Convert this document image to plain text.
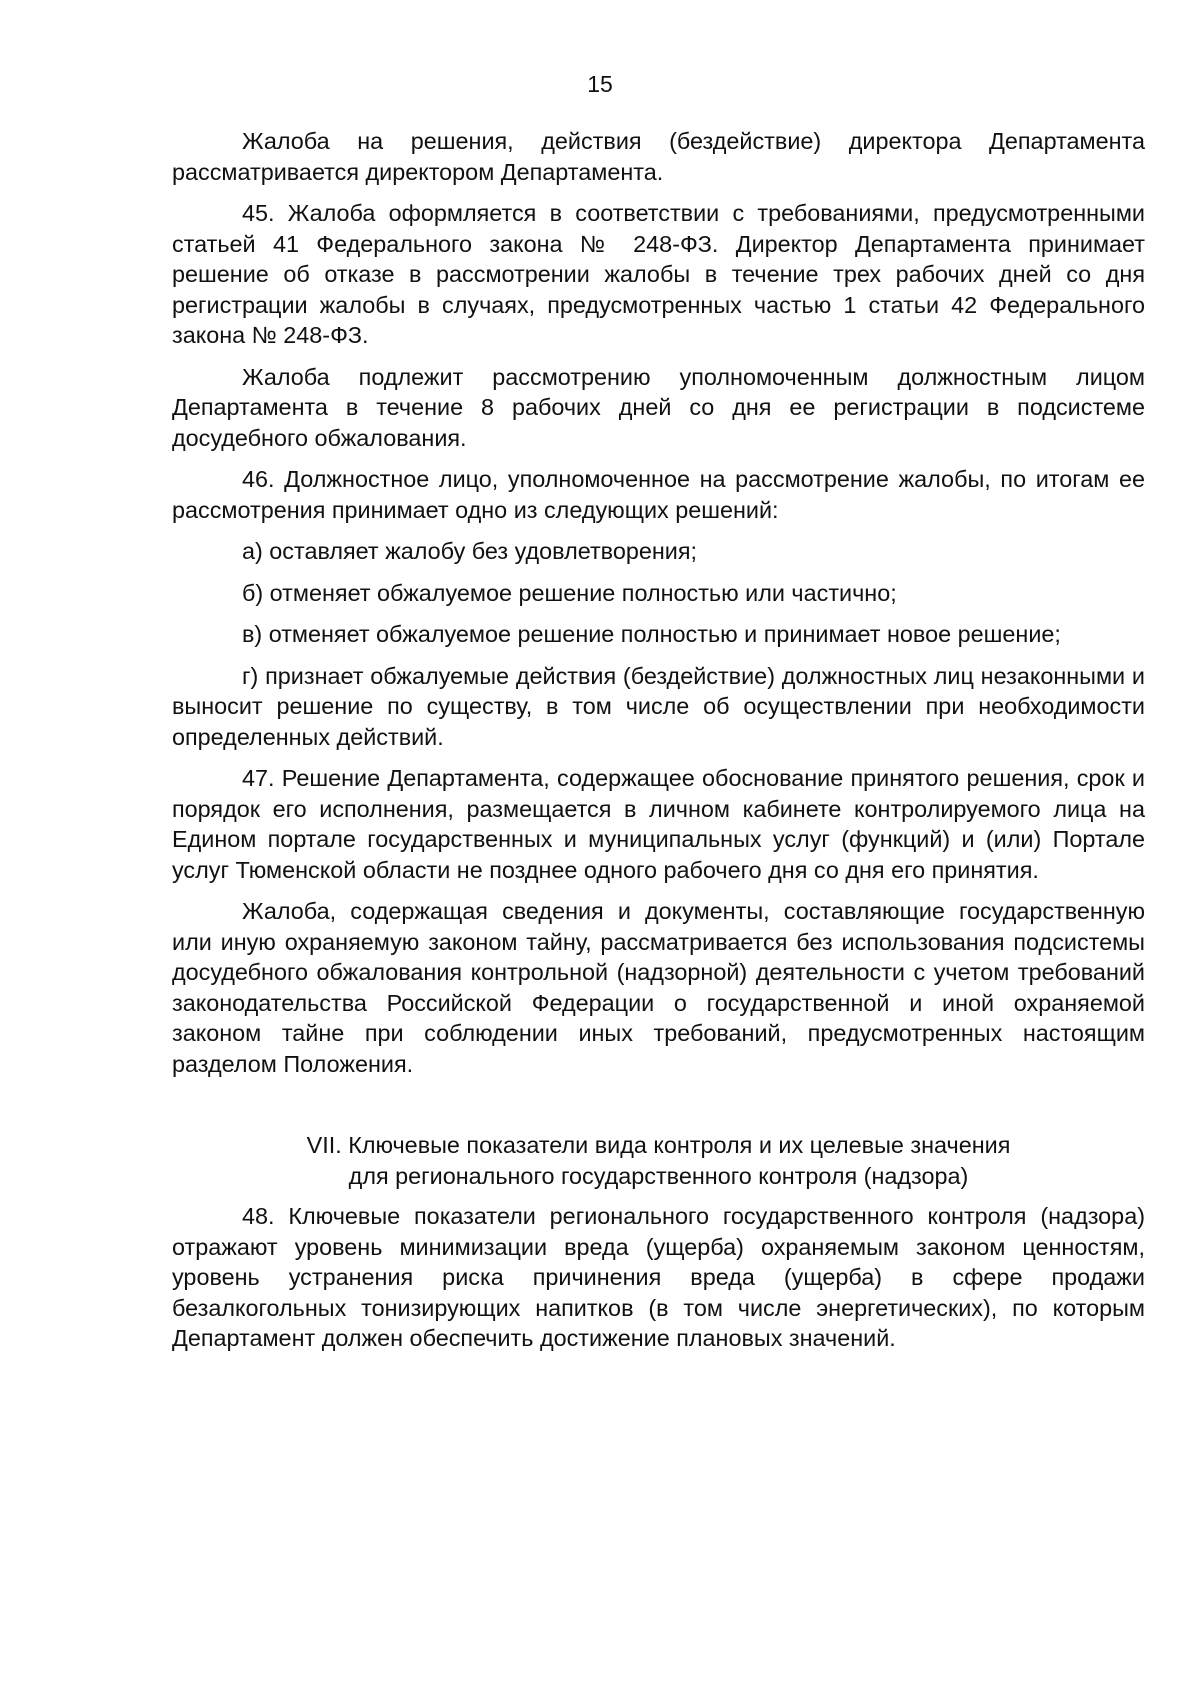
15

Жалоба на решения, действия (бездействие) директора Департамента рассматривается директором Департамента.

45. Жалоба оформляется в соответствии с требованиями, предусмотренными статьей 41 Федерального закона № 248-ФЗ. Директор Департамента принимает решение об отказе в рассмотрении жалобы в течение трех рабочих дней со дня регистрации жалобы в случаях, предусмотренных частью 1 статьи 42 Федерального закона № 248-ФЗ.

Жалоба подлежит рассмотрению уполномоченным должностным лицом Департамента в течение 8 рабочих дней со дня ее регистрации в подсистеме досудебного обжалования.

46. Должностное лицо, уполномоченное на рассмотрение жалобы, по итогам ее рассмотрения принимает одно из следующих решений:

а) оставляет жалобу без удовлетворения;

б) отменяет обжалуемое решение полностью или частично;

в) отменяет обжалуемое решение полностью и принимает новое решение;

г) признает обжалуемые действия (бездействие) должностных лиц незаконными и выносит решение по существу, в том числе об осуществлении при необходимости определенных действий.

47. Решение Департамента, содержащее обоснование принятого решения, срок и порядок его исполнения, размещается в личном кабинете контролируемого лица на Едином портале государственных и муниципальных услуг (функций) и (или) Портале услуг Тюменской области не позднее одного рабочего дня со дня его принятия.

Жалоба, содержащая сведения и документы, составляющие государственную или иную охраняемую законом тайну, рассматривается без использования подсистемы досудебного обжалования контрольной (надзорной) деятельности с учетом требований законодательства Российской Федерации о государственной и иной охраняемой законом тайне при соблюдении иных требований, предусмотренных настоящим разделом Положения.

VII. Ключевые показатели вида контроля и их целевые значения
для регионального государственного контроля (надзора)

48. Ключевые показатели регионального государственного контроля (надзора) отражают уровень минимизации вреда (ущерба) охраняемым законом ценностям, уровень устранения риска причинения вреда (ущерба) в сфере продажи безалкогольных тонизирующих напитков (в том числе энергетических), по которым Департамент должен обеспечить достижение плановых значений.
